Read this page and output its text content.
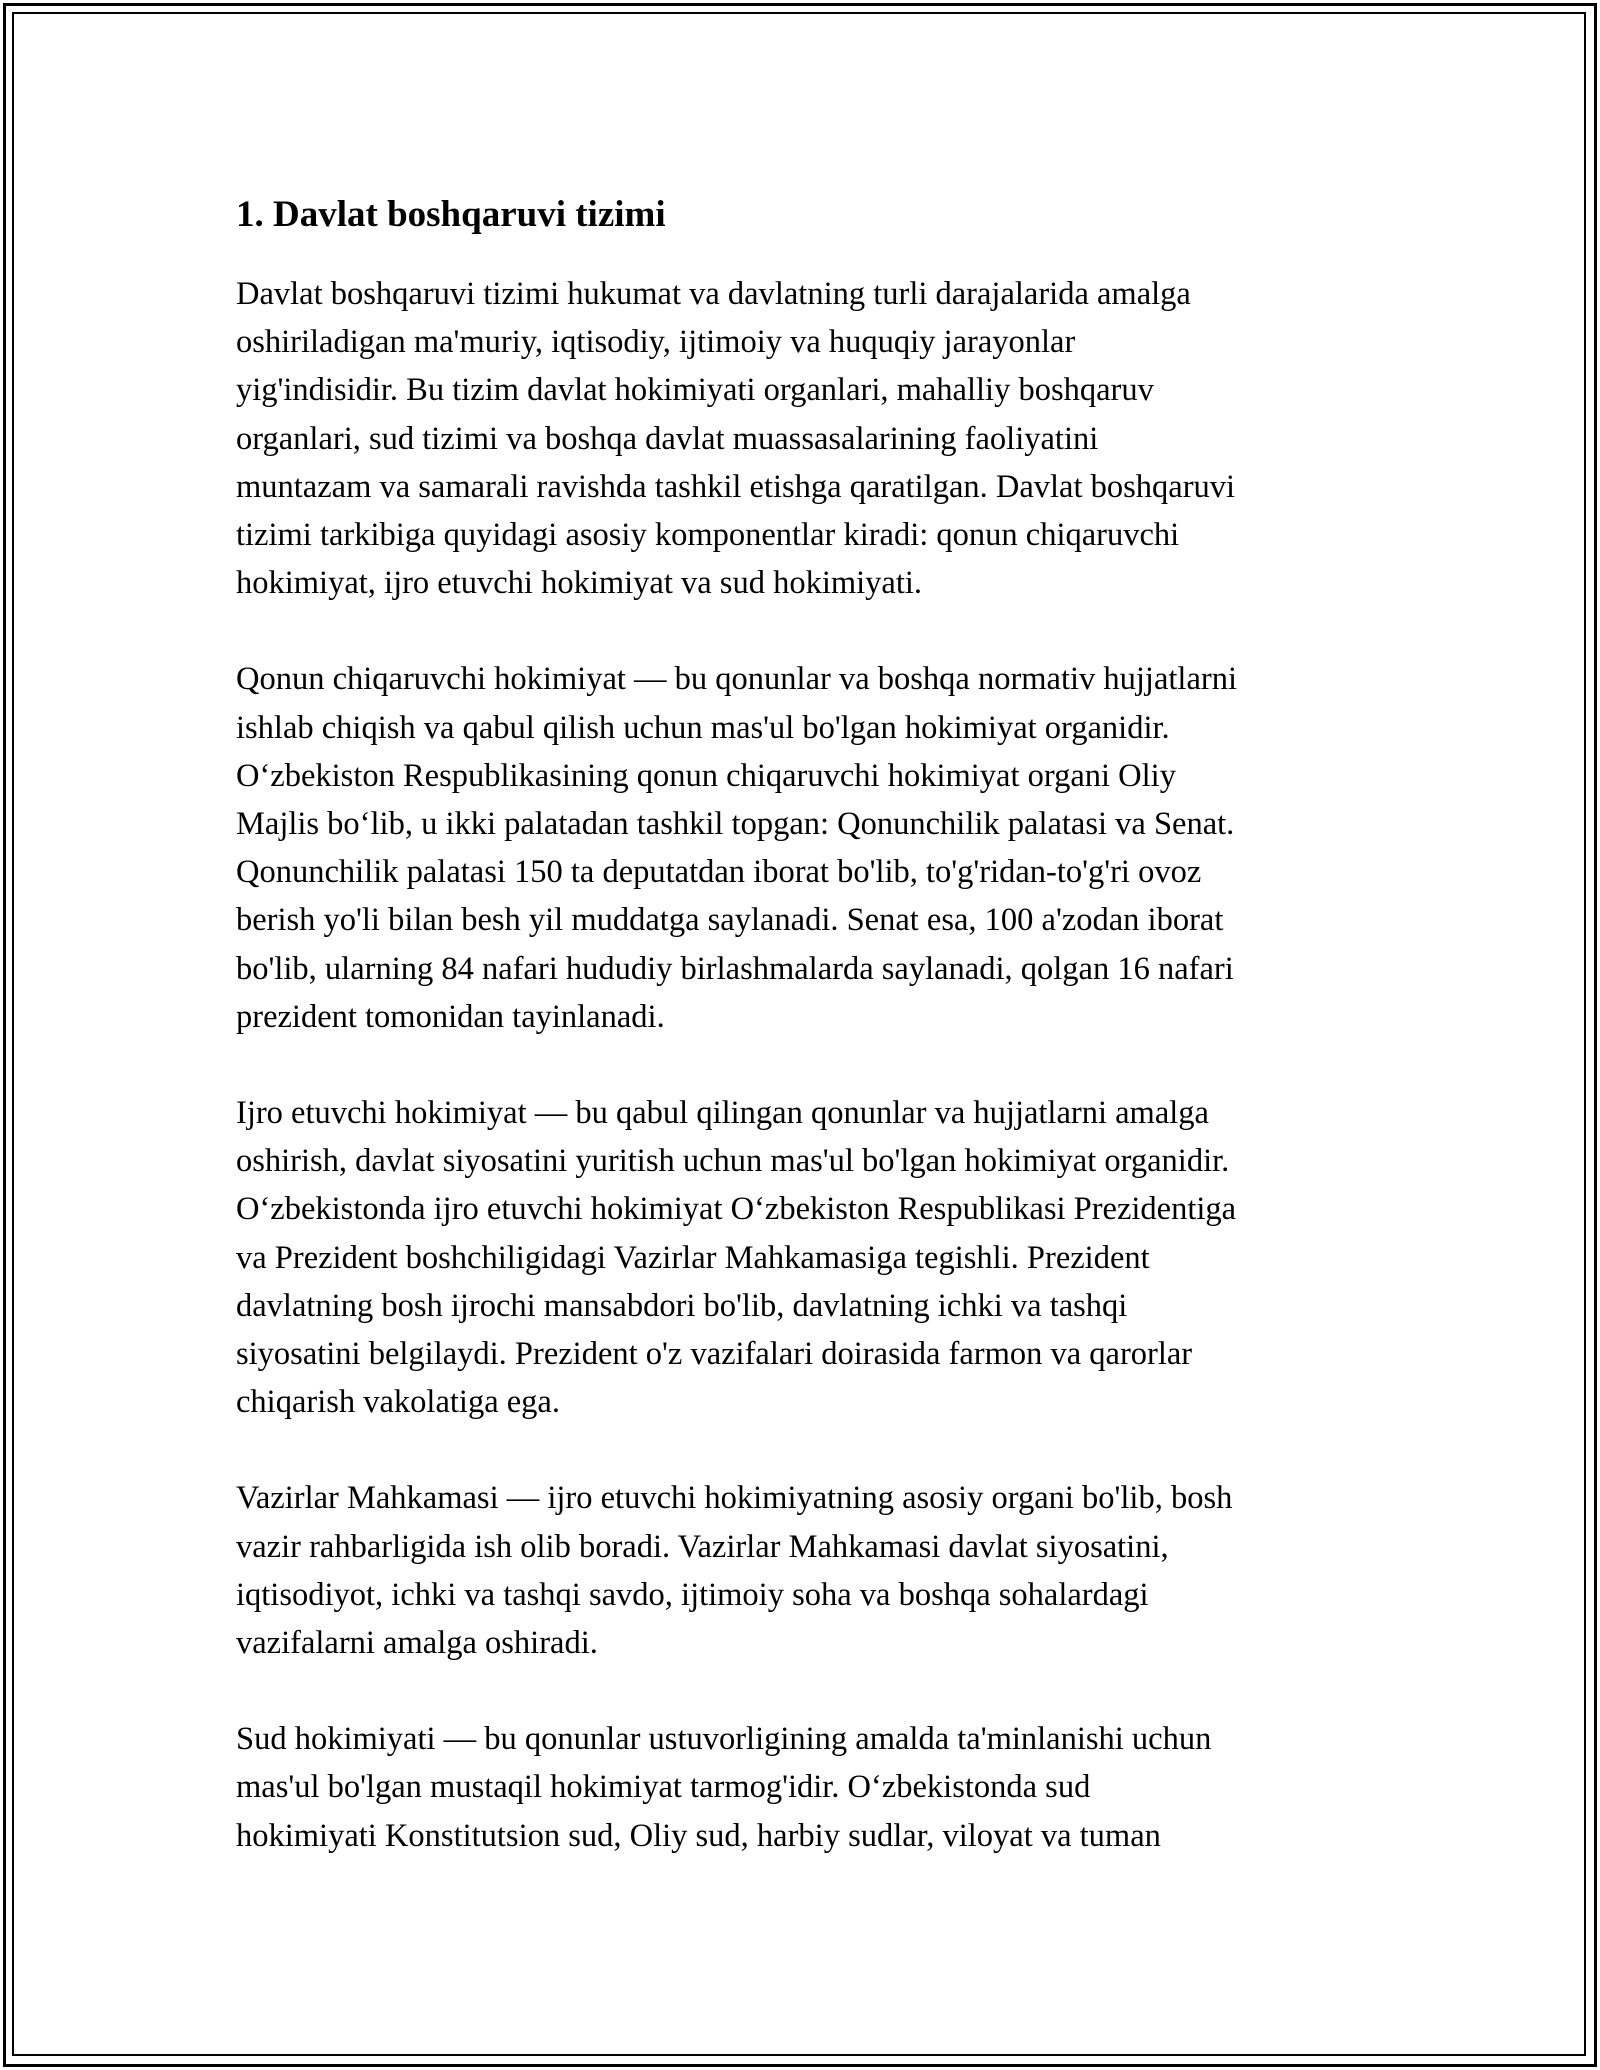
1. Davlat boshqaruvi tizimi

Davlat boshqaruvi tizimi hukumat va davlatning turli darajalarida amalga
oshiriladigan ma'muriy, iqtisodiy, ijtimoiy va huquqiy jarayonlar
yig'indisidir. Bu tizim davlat hokimiyati organlari, mahalliy boshqaruv
organlari, sud tizimi va boshqa davlat muassasalarining faoliyatini
muntazam va samarali ravishda tashkil etishga qaratilgan. Davlat boshqaruvi
tizimi tarkibiga quyidagi asosiy komponentlar kiradi: qonun chiqaruvchi
hokimiyat, ijro etuvchi hokimiyat va sud hokimiyati.

Qonun chiqaruvchi hokimiyat — bu qonunlar va boshqa normativ hujjatlarni
ishlab chiqish va qabul qilish uchun mas'ul bo'lgan hokimiyat organidir.
O‘zbekiston Respublikasining qonun chiqaruvchi hokimiyat organi Oliy
Majlis bo‘lib, u ikki palatadan tashkil topgan: Qonunchilik palatasi va Senat.
Qonunchilik palatasi 150 ta deputatdan iborat bo'lib, to'g'ridan-to'g'ri ovoz
berish yo'li bilan besh yil muddatga saylanadi. Senat esa, 100 a'zodan iborat
bo'lib, ularning 84 nafari hududiy birlashmalarda saylanadi, qolgan 16 nafari
prezident tomonidan tayinlanadi.

Ijro etuvchi hokimiyat — bu qabul qilingan qonunlar va hujjatlarni amalga
oshirish, davlat siyosatini yuritish uchun mas'ul bo'lgan hokimiyat organidir.
O‘zbekistonda ijro etuvchi hokimiyat O‘zbekiston Respublikasi Prezidentiga
va Prezident boshchiligidagi Vazirlar Mahkamasiga tegishli. Prezident
davlatning bosh ijrochi mansabdori bo'lib, davlatning ichki va tashqi
siyosatini belgilaydi. Prezident o'z vazifalari doirasida farmon va qarorlar
chiqarish vakolatiga ega.

Vazirlar Mahkamasi — ijro etuvchi hokimiyatning asosiy organi bo'lib, bosh
vazir rahbarligida ish olib boradi. Vazirlar Mahkamasi davlat siyosatini,
iqtisodiyot, ichki va tashqi savdo, ijtimoiy soha va boshqa sohalardagi
vazifalarni amalga oshiradi.

Sud hokimiyati — bu qonunlar ustuvorligining amalda ta'minlanishi uchun
mas'ul bo'lgan mustaqil hokimiyat tarmog'idir. O‘zbekistonda sud
hokimiyati Konstitutsion sud, Oliy sud, harbiy sudlar, viloyat va tuman
